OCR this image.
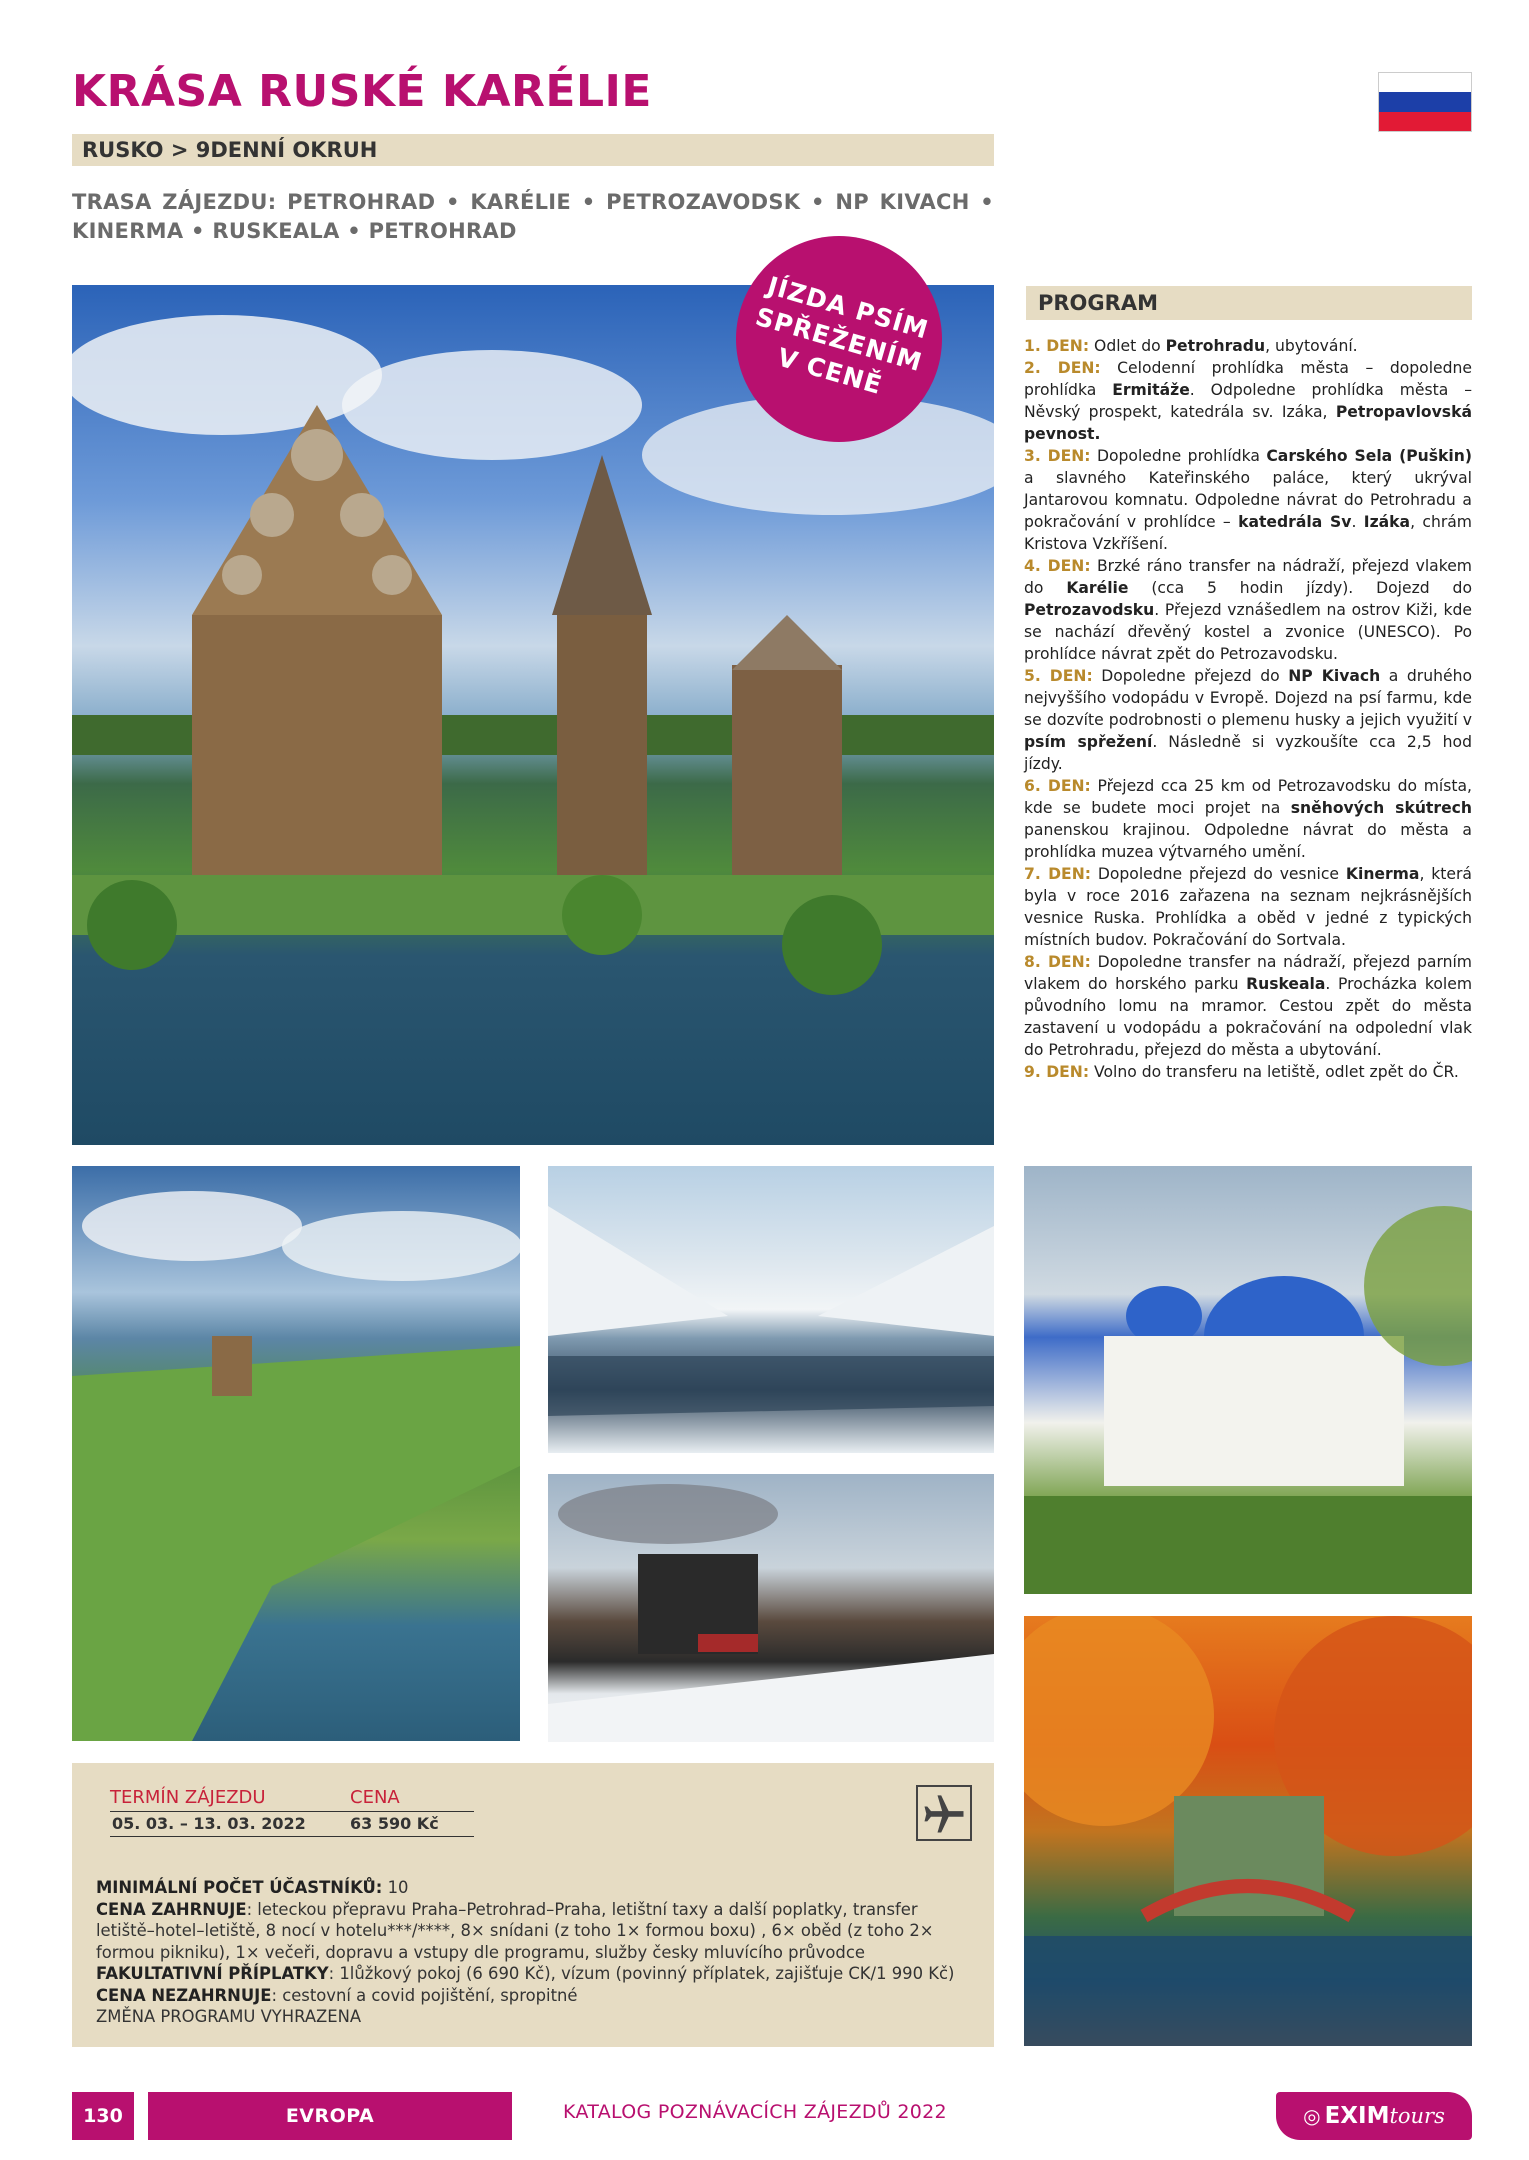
KRÁSA RUSKÉ KARÉLIE
RUSKO > 9DENNÍ OKRUH
TRASA ZÁJEZDU: PETROHRAD • KARÉLIE • PETROZAVODSK • NP KIVACH • KINERMA • RUSKEALA • PETROHRAD
JÍZDA PSÍM
SPŘEŽENÍM
V CENĚ
PROGRAM

1. DEN: Odlet do Petrohradu, ubytování.

2. DEN: Celodenní prohlídka města – dopoledne prohlídka Ermitáže. Odpoledne prohlídka města – Něvský prospekt, katedrála sv. Izáka, Petropavlovská pevnost.

3. DEN: Dopoledne prohlídka Carského Sela (Puškin) a slavného Kateřinského paláce, který ukrýval Jantarovou komnatu. Odpoledne návrat do Petrohradu a pokračování v prohlídce – katedrála Sv. Izáka, chrám Kristova Vzkříšení.

4. DEN: Brzké ráno transfer na nádraží, přejezd vlakem do Karélie (cca 5 hodin jízdy). Dojezd do Petrozavodsku. Přejezd vznášedlem na ostrov Kiži, kde se nachází dřevěný kostel a zvonice (UNESCO). Po prohlídce návrat zpět do Petrozavodsku.

5. DEN: Dopoledne přejezd do NP Kivach a druhého nejvyššího vodopádu v Evropě. Dojezd na psí farmu, kde se dozvíte podrobnosti o plemenu husky a jejich využití v psím spřežení. Následně si vyzkoušíte cca 2,5 hod jízdy.

6. DEN: Přejezd cca 25 km od Petrozavodsku do místa, kde se budete moci projet na sněhových skútrech panenskou krajinou. Odpoledne návrat do města a prohlídka muzea výtvarného umění.

7. DEN: Dopoledne přejezd do vesnice Kinerma, která byla v roce 2016 zařazena na seznam nejkrásnějších vesnice Ruska. Prohlídka a oběd v jedné z typických místních budov. Pokračování do Sortvala.

8. DEN: Dopoledne transfer na nádraží, přejezd parním vlakem do horského parku Ruskeala. Procházka kolem původního lomu na mramor. Cestou zpět do města zastavení u vodopádu a pokračování na odpolední vlak do Petrohradu, přejezd do města a ubytování.

9. DEN: Volno do transferu na letiště, odlet zpět do ČR.

TERMÍN ZÁJEZDU	CENA
05. 03. – 13. 03. 2022	63 590 Kč

MINIMÁLNÍ POČET ÚČASTNÍKŮ: 10

CENA ZAHRNUJE: leteckou přepravu Praha–Petrohrad–Praha, letištní taxy a další poplatky, transfer letiště–hotel–letiště, 8 nocí v hotelu***/****, 8× snídani (z toho 1× formou boxu) , 6× oběd (z toho 2× formou pikniku), 1× večeři, dopravu a vstupy dle programu, služby česky mluvícího průvodce

FAKULTATIVNÍ PŘÍPLATKY: 1lůžkový pokoj (6 690 Kč), vízum (povinný příplatek, zajišťuje CK/1 990 Kč)

CENA NEZAHRNUJE: cestovní a covid pojištění, spropitné

ZMĚNA PROGRAMU VYHRAZENA

130	EVROPA	KATALOG POZNÁVACÍCH ZÁJEZDŮ 2022	◎ EXIM tours
